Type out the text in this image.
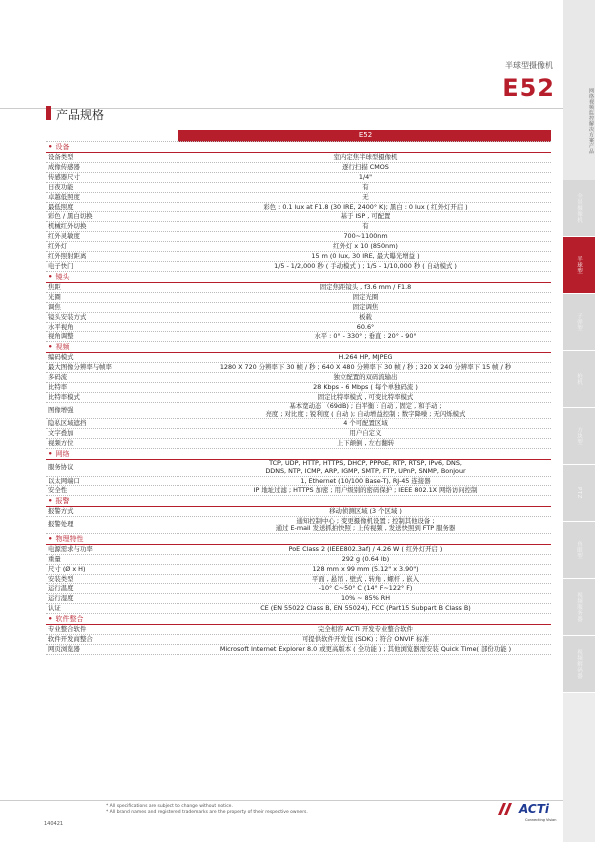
网络视频监控解决方案产品
全景摄像机
半球型
子弹型
枪机
方块型
PTZ
鱼眼型
视频服务器
视频解码器
半球型摄像机
E52
产品规格
	E52
• 设备	
设备类型	室内定焦半球型摄像机

成像传感器	逐行扫描 CMOS

传感器尺寸	1/4"

日夜功能	有

卓越低照度	无

最低照度	彩色 : 0.1 lux at F1.8 (30 IRE, 2400° K); 黑白 : 0 lux ( 红外灯开启 )

彩色 / 黑白切换	基于 ISP , 可配置

机械红外切换	有

红外灵敏度	700~1100nm

红外灯	红外灯 x 10 (850nm)

红外照射距离	15 m (0 lux, 30 IRE, 最大曝光增益 )

电子快门	1/5 - 1/2,000 秒 ( 手动模式 ) ; 1/5 - 1/10,000 秒 ( 自动模式 )

• 镜头	
焦距	固定焦距镜头 , f3.6 mm / F1.8

光圈	固定光圈

调焦	固定调焦

镜头安装方式	板载

水平视角	60.6°

视角调整	水平 : 0° - 330° ; 垂直 : 20° - 90°

• 视频	
编码模式	H.264 HP, MJPEG

最大图像分辨率与帧率	1280 X 720 分辨率下 30 帧 / 秒 ; 640 X 480 分辨率下 30 帧 / 秒 ; 320 X 240 分辨率下 15 帧 / 秒

多码流	独立配置的双码流输出

比特率	28 Kbps - 6 Mbps ( 每个单独码流 )

比特率模式	固定比特率模式 , 可变比特率模式

图像增强	基本宽动态 （69dB) ; 白平衡 : 自动 , 固定 , 和手动 ;
亮度 ; 对比度 ; 锐利度 ( 自动 ); 自动增益控制 ; 数字降噪 ; 无闪烁模式

隐私区域遮挡	4 个可配置区域

文字叠加	用户自定义

视频方位	上下颠倒 , 左右翻转

• 网络	
服务协议	TCP, UDP, HTTP, HTTPS, DHCP, PPPoE, RTP, RTSP, IPv6, DNS,
DDNS, NTP, ICMP, ARP, IGMP, SMTP, FTP, UPnP, SNMP, Bonjour

以太网端口	1, Ethernet (10/100 Base-T), RJ-45 连接器

安全性	IP 地址过滤 ; HTTPS 加密 ; 用户级别的密码保护 ; IEEE 802.1X 网络访问控制

• 报警	
报警方式	移动侦测区域 (3 个区域 )

报警处理	通知控制中心 ; 变更摄像机设置 ; 控制其他设备 ;
通过 E-mail 发送抓拍快照 ; 上传视频 , 发送快照到 FTP 服务器

• 物理特性	
电源需求与功率	PoE Class 2 (IEEE802.3af) / 4.26 W ( 红外灯开启 )

重量	292 g (0.64 lb)

尺寸 (Ø x H)	128 mm x 99 mm (5.12" x 3.90")

安装类型	平面 , 悬吊 , 壁式 , 转角 , 螺杆 , 嵌入

运行温度	-10° C~50° C (14° F~122° F)

运行湿度	10% ~ 85% RH

认证	CE (EN 55022 Class B, EN 55024), FCC (Part15 Subpart B Class B)

• 软件整合	
专业整合软件	完全相容 ACTi 开发专业整合软件

软件开发商整合	可提供软件开发包 (SDK) ; 符合 ONVIF 标准

网页浏览器	Microsoft Internet Explorer 8.0 或更高版本 ( 全功能 ) ; 其他浏览器需安装 Quick Time( 部份功能 )
* All specifications are subject to change without notice.
* All brand names and registered trademarks are the property of their respective owners.
140421
ACTi
Connecting Vision
